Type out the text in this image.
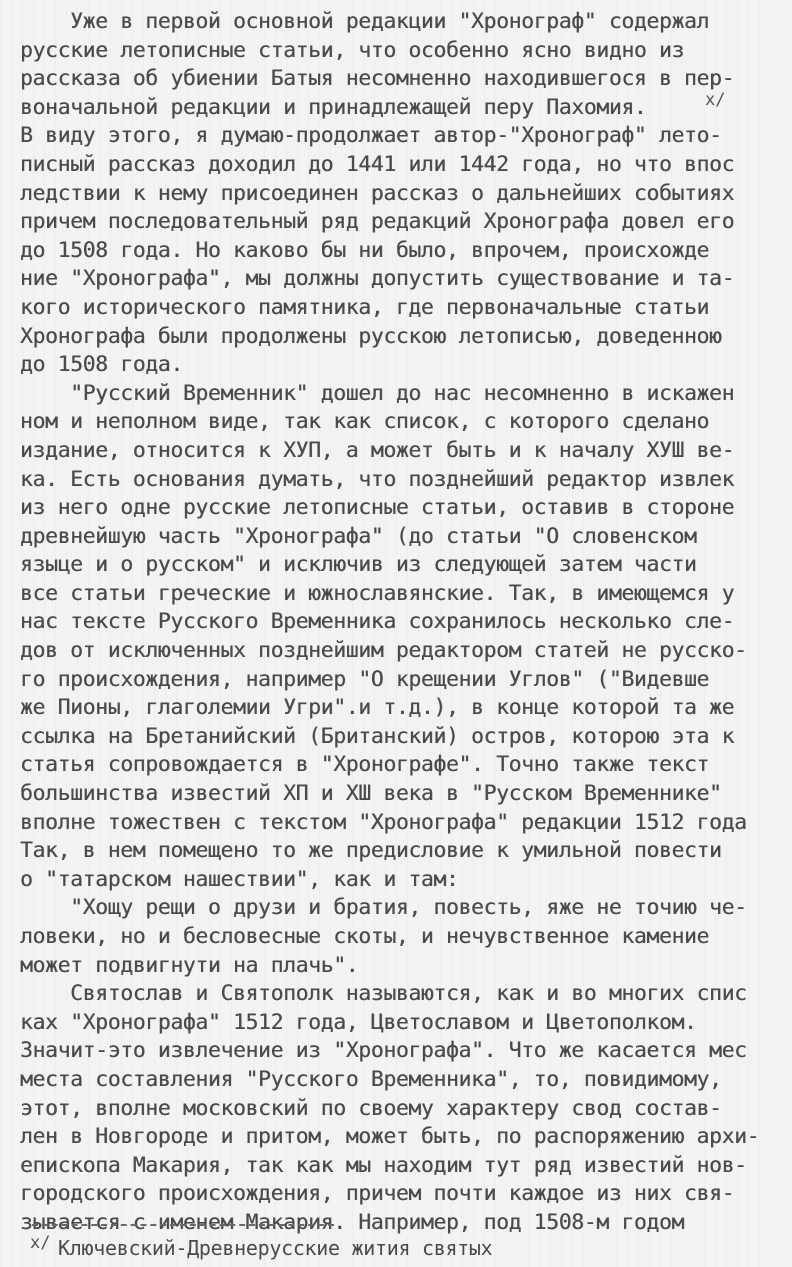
Уже в первой основной редакции "Хронограф" содержал
русские летописные статьи, что особенно ясно видно из
рассказа об убиении Батыя несомненно находившегося в пер-
воначальной редакции и принадлежащей перу Пахомия.
В виду этого, я думаю-продолжает автор-"Хронограф" лето-
писный рассказ доходил до 1441 или 1442 года, но что впос
ледствии к нему присоединен рассказ о дальнейших событиях
причем последовательный ряд редакций Хронографа довел его
до 1508 года. Но каково бы ни было, впрочем, происхожде
ние "Хронографа", мы должны допустить существование и та-
кого исторического памятника, где первоначальные статьи
Хронографа были продолжены русскою летописью, доведенною
до 1508 года.
"Русский Временник" дошел до нас несомненно в искажен
ном и неполном виде, так как список, с которого сделано
издание, относится к ХУП, а может быть и к началу ХУШ ве-
ка. Есть основания думать, что позднейший редактор извлек
из него одне русские летописные статьи, оставив в стороне
древнейшую часть "Хронографа" (до статьи "О словенском
языце и о русском" и исключив из следующей затем части
все статьи греческие и южнославянские. Так, в имеющемся у
нас тексте Русского Временника сохранилось несколько сле-
дов от исключенных позднейшим редактором статей не русско-
го происхождения, например "О крещении Углов" ("Видевше
же Пионы, глаголемии Угри".и т.д.), в конце которой та же
ссылка на Бретанийский (Британский) остров, которою эта к
статья сопровождается в "Хронографе". Точно также текст
большинства известий ХП и ХШ века в "Русском Временнике"
вполне тожествен с текстом "Хронографа" редакции 1512 года
Так, в нем помещено то же предисловие к умильной повести
о "татарском нашествии", как и там:
"Хощу рещи о друзи и братия, повесть, яже не точию че-
ловеки, но и бесловесные скоты, и нечувственное камение
может подвигнути на плачь".
Святослав и Святополк называются, как и во многих спис
ках "Хронографа" 1512 года, Цветославом и Цветополком.
Значит-это извлечение из "Хронографа". Что же касается мес
места составления "Русского Временника", то, повидимому,
этот, вполне московский по своему характеру свод состав-
лен в Новгороде и притом, может быть, по распоряжению архи-
епископа Макария, так как мы находим тут ряд известий нов-
городского происхождения, причем почти каждое из них свя-
зывается с именем Макария. Например, под 1508-м годом
x/
x/ Ключевский-Древнерусские жития святых
